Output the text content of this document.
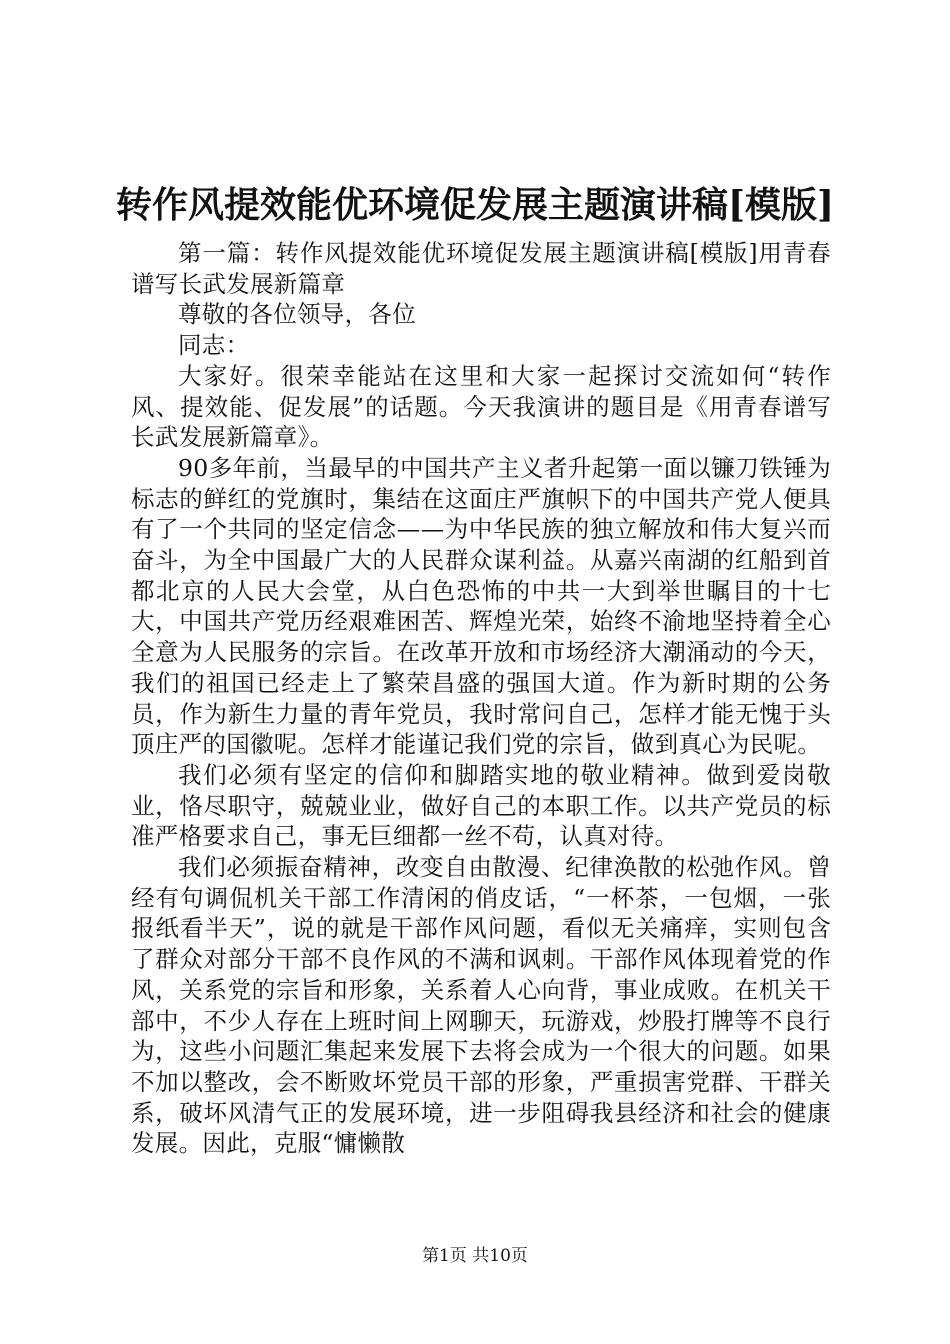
转作风提效能优环境促发展主题演讲稿[模版]

第一篇：转作风提效能优环境促发展主题演讲稿[模版]用青春谱写长武发展新篇章

尊敬的各位领导，各位

同志：

大家好。很荣幸能站在这里和大家一起探讨交流如何“转作风、提效能、促发展”的话题。今天我演讲的题目是《用青春谱写长武发展新篇章》。

90多年前，当最早的中国共产主义者升起第一面以镰刀铁锤为标志的鲜红的党旗时，集结在这面庄严旗帜下的中国共产党人便具有了一个共同的坚定信念——为中华民族的独立解放和伟大复兴而奋斗，为全中国最广大的人民群众谋利益。从嘉兴南湖的红船到首都北京的人民大会堂，从白色恐怖的中共一大到举世瞩目的十七大，中国共产党历经艰难困苦、辉煌光荣，始终不渝地坚持着全心全意为人民服务的宗旨。在改革开放和市场经济大潮涌动的今天，我们的祖国已经走上了繁荣昌盛的强国大道。作为新时期的公务员，作为新生力量的青年党员，我时常问自己，怎样才能无愧于头顶庄严的国徽呢。怎样才能谨记我们党的宗旨，做到真心为民呢。

我们必须有坚定的信仰和脚踏实地的敬业精神。做到爱岗敬业，恪尽职守，兢兢业业，做好自己的本职工作。以共产党员的标准严格要求自己，事无巨细都一丝不苟，认真对待。

我们必须振奋精神，改变自由散漫、纪律涣散的松弛作风。曾经有句调侃机关干部工作清闲的俏皮话，“一杯茶，一包烟，一张报纸看半天”，说的就是干部作风问题，看似无关痛痒，实则包含了群众对部分干部不良作风的不满和讽刺。干部作风体现着党的作风，关系党的宗旨和形象，关系着人心向背，事业成败。在机关干部中，不少人存在上班时间上网聊天，玩游戏，炒股打牌等不良行为，这些小问题汇集起来发展下去将会成为一个很大的问题。如果不加以整改，会不断败坏党员干部的形象，严重损害党群、干群关系，破坏风清气正的发展环境，进一步阻碍我县经济和社会的健康发展。因此，克服“慵懒散

第1页 共10页
